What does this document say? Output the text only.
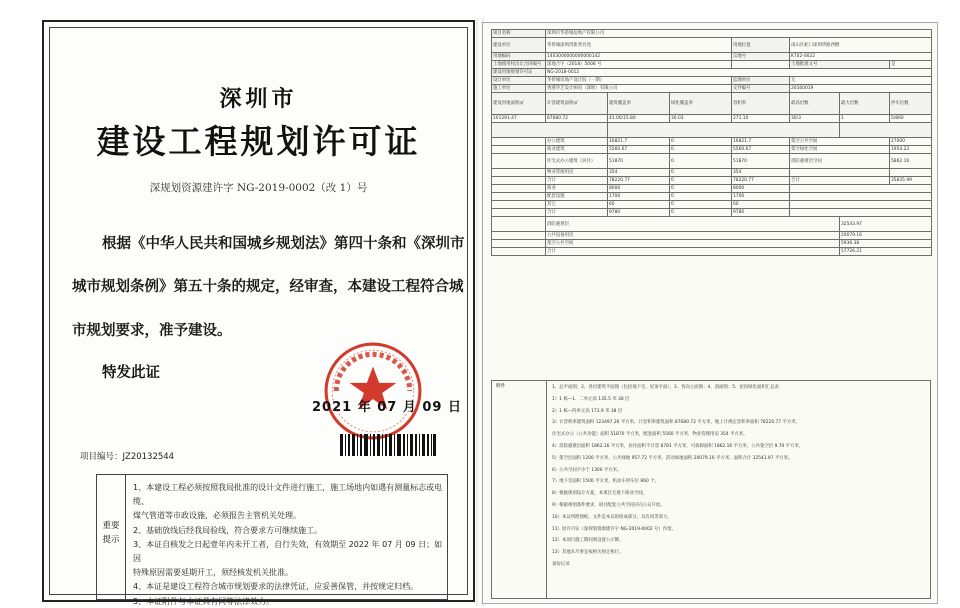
深圳市
建设工程规划许可证
深规划资源建许字 NG-2019-0002（改 1）号
根据《中华人民共和国城乡规划法》第四十条和《深圳市
城市规划条例》第五十条的规定，经审查，本建设工程符合城
市规划要求，准予建设。
特发此证
2021 年 07 月 09 日
项目编号：JZ20132544
重要提示
1、本建设工程必须按照我局批准的设计文件进行施工，施工场地内如遇有测量标志或电缆、
煤气管道等市政设施，必须报告主管机关处理。
2、基础放线后经我局验线，符合要求方可继续施工。
3、本证自核发之日起壹年内未开工者，自行失效，有效期至 2022 年 07 月 09 日；如因
特殊原因需要延期开工，须经核发机关批准。
4、本证是建设工程符合城市规划要求的法律凭证，应妥善保管，并按规定归档。
5、本证附件与本证具有同等法律效力。
项目名称	深圳市华侨城房地产有限公司						
建设单位	华侨城深圳湾新贤名苑			用地位置	南山区蛇口深圳湾路西侧		
用地编码	1403000000000000142			宗地号	K702-0022		
土地使用权出让合同编号	深地合字（2018）5008 号				土地批准文号		是
建设用地规划许可证	NG-2018-0012						
设计单位	华侨城房地产设计院（一期）			监理单位	无		
施工单位	香港华艺设计顾问（深圳）有限公司			文件编号	20160019		
建设用地面积㎡	计容建筑面积㎡	建筑覆盖率	绿化覆盖率	容积率	最高层数	最大层数	停车位数
101291.47	87680.72	41.00/15.80	30.03	271.10	30/3	1	5/860

	办公建筑	16821.7	0	16821.7	架空公共空间		27000
	商业建筑	5560.67	0	5560.67	架空绿化空间		1954.23
	住宅式办公建筑（居住）	51870	0	51870	消防避难层空间		5862.16
	物业管理用房	354	0	354			
	合计	78220.77	0	78220.77	合计		35835.99
	商业	8000	0	8000			
	配套设施	1700	0	1700			
	其它	60	0	60			
	合计	9780	0	9780			
	消防避难层					32543.97	
	公共设备用房					20079.16	
	架空公共空间					5936.38	
	合计					57726.21	
附件	1、总平面图；2、各层建筑平面图（包括地下室、屋顶平面）；3、各向立面图；4、剖面图；5、屋顶绿化面积汇总表
1）1 栋—1、二单元高 135.5 米 38 层
2）1 栋—四单元高 173.9 米 38 层
3）计容积率建筑面积 123497.26 平方米，计容积率建筑面积 87680.72 平方米，地上计规定容积率面积 78220.77 平方米，
住宅式办公（公共功能）面积 51870 平方米，配套面积 5560 平方米，物业管理用房 354 平方米。
4）消防避难层面积 1862.16 平方米，居住面积不计容 8781 平方米，可拆卸面积 1862.16 平方米，公共架空层 9.70 平方米。
5）架空层面积 1200 平方米，公共绿地 957.72 平方米，活动场地面积 20079.16 平方米，面积合计 32543.97 平方米。
6）公共空间不少于 1300 平方米。
7）地下室面积 1500 平方米，机动车停车位 860 个。
8）根据规划设计方案，本项目无地下商业空间。
9）根据规划条件要求，项目配套公共空间应向公众开放。
10）本证所附图纸、文件是本证的组成部分，具有同等效力。
11）原许可证（深规划资源建许字 NG-2019-0002 号）作废。
12）本项目施工期间须设置公示牌。
13）其他未尽事宜按相关规定执行。
备份记录
